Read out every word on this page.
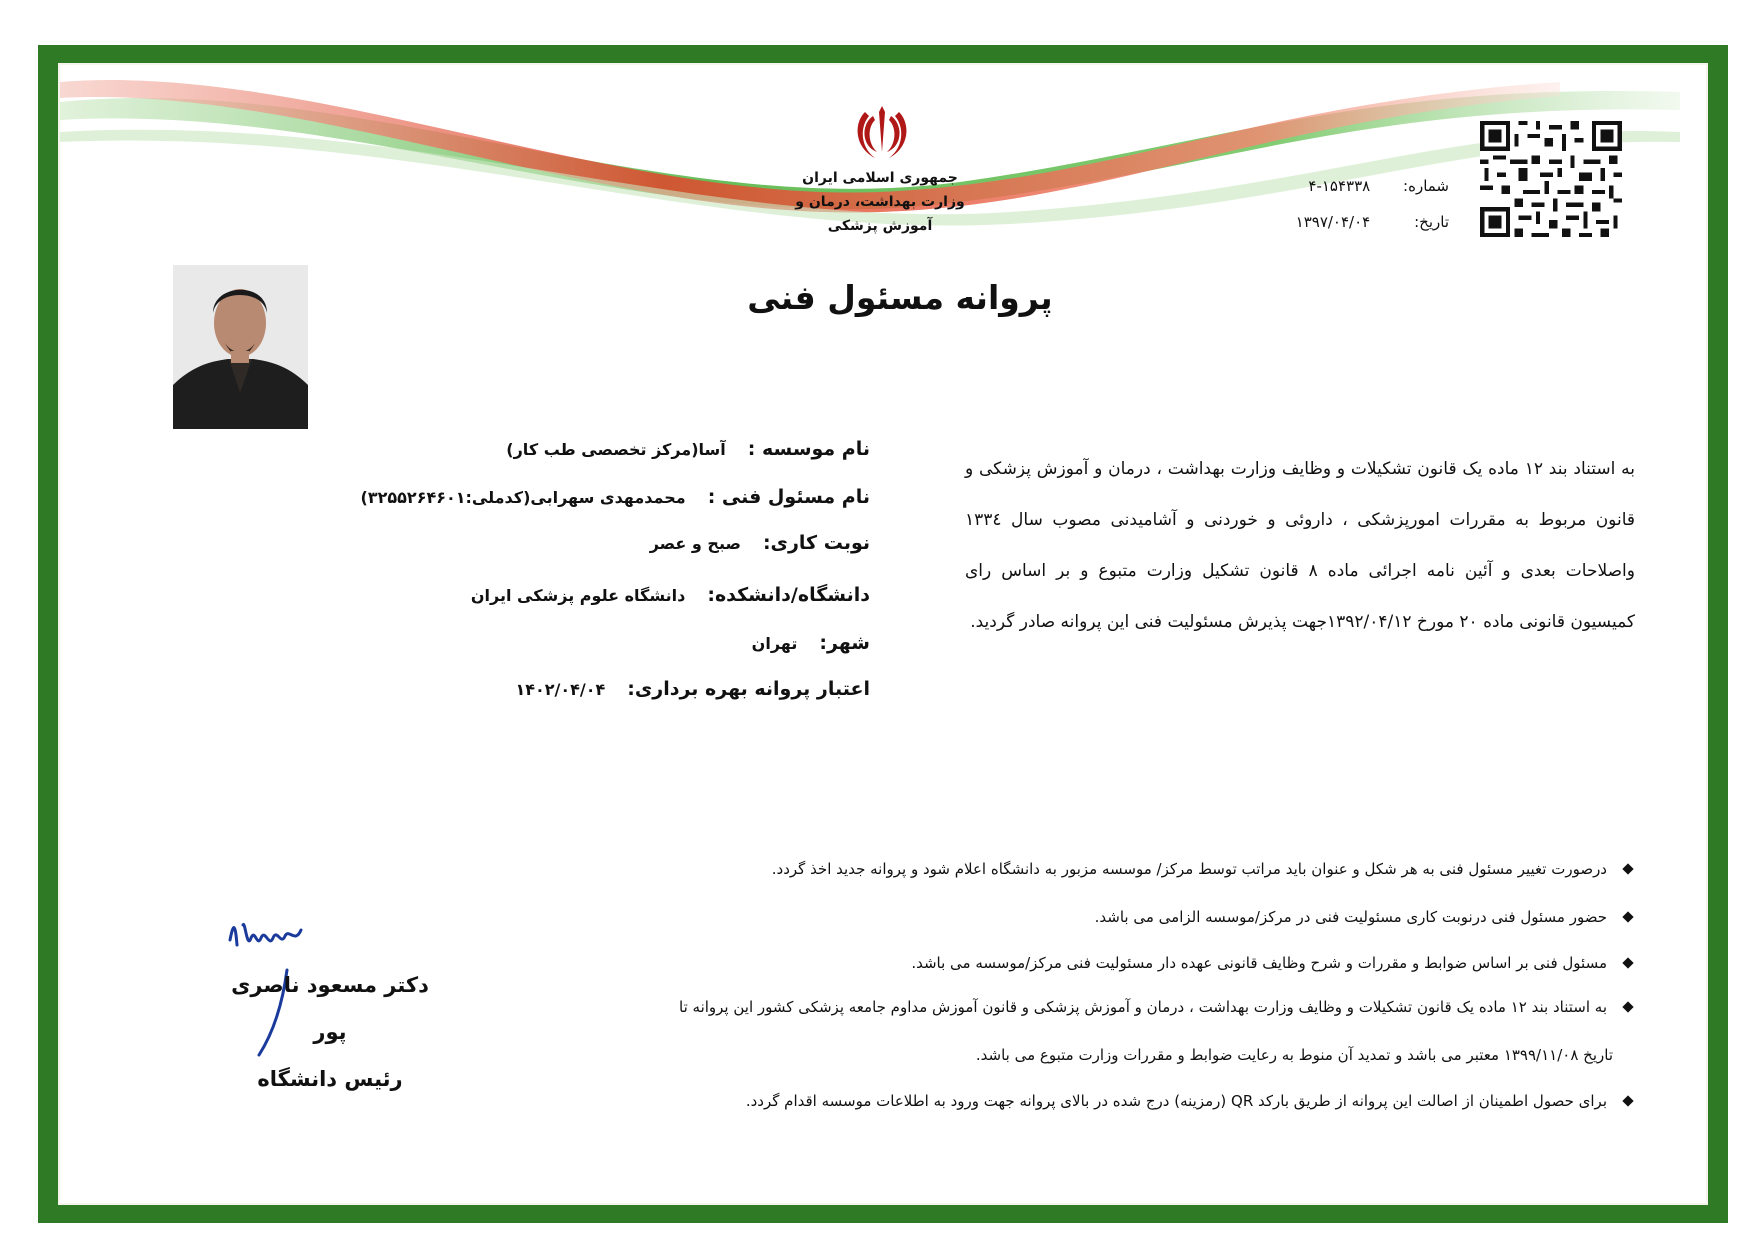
جمهوری اسلامی ایران
وزارت بهداشت، درمان و آموزش پزشکی
شماره: ۴-۱۵۴۳۳۸
تاریخ: ۱۳۹۷/۰۴/۰۴
پروانه مسئول فنی
به استناد بند ۱۲ ماده یک قانون تشکیلات و وظایف وزارت بهداشت ، درمان و آموزش پزشکی و قانون مربوط به مقررات امورپزشکی ، داروئی و خوردنی و آشامیدنی مصوب سال ۱۳۳٤ واصلاحات بعدی و آئین نامه اجرائی ماده ۸ قانون تشکیل وزارت متبوع و بر اساس رای کمیسیون قانونی ماده ۲۰ مورخ ۱۳۹۲/۰۴/۱۲جهت پذیرش مسئولیت فنی این پروانه صادر گردید.
نام موسسه :آسا(مرکز تخصصی طب کار)
نام مسئول فنی :محمدمهدی سهرابی(کدملی:۳۲۵۵۲۶۴۶۰۱)
نوبت کاری:صبح و عصر
دانشگاه/دانشکده:دانشگاه علوم پزشکی ایران
شهر:تهران
اعتبار پروانه بهره برداری:۱۴۰۲/۰۴/۰۴
درصورت تغییر مسئول فنی به هر شکل و عنوان باید مراتب توسط مرکز/ موسسه مزبور به دانشگاه اعلام شود و پروانه جدید اخذ گردد.
حضور مسئول فنی درنوبت کاری مسئولیت فنی در مرکز/موسسه الزامی می باشد.
مسئول فنی بر اساس ضوابط و مقررات و شرح وظایف قانونی عهده دار مسئولیت فنی مرکز/موسسه می باشد.
به استناد بند ۱۲ ماده یک قانون تشکیلات و وظایف وزارت بهداشت ، درمان و آموزش پزشکی و قانون آموزش مداوم جامعه پزشکی کشور این پروانه تا
تاریخ ۱۳۹۹/۱۱/۰۸ معتبر می باشد و تمدید آن منوط به رعایت ضوابط و مقررات وزارت متبوع می باشد.
برای حصول اطمینان از اصالت این پروانه از طریق بارکد QR (رمزینه) درج شده در بالای پروانه جهت ورود به اطلاعات موسسه اقدام گردد.
دکتر مسعود ناصری پور
رئیس دانشگاه
